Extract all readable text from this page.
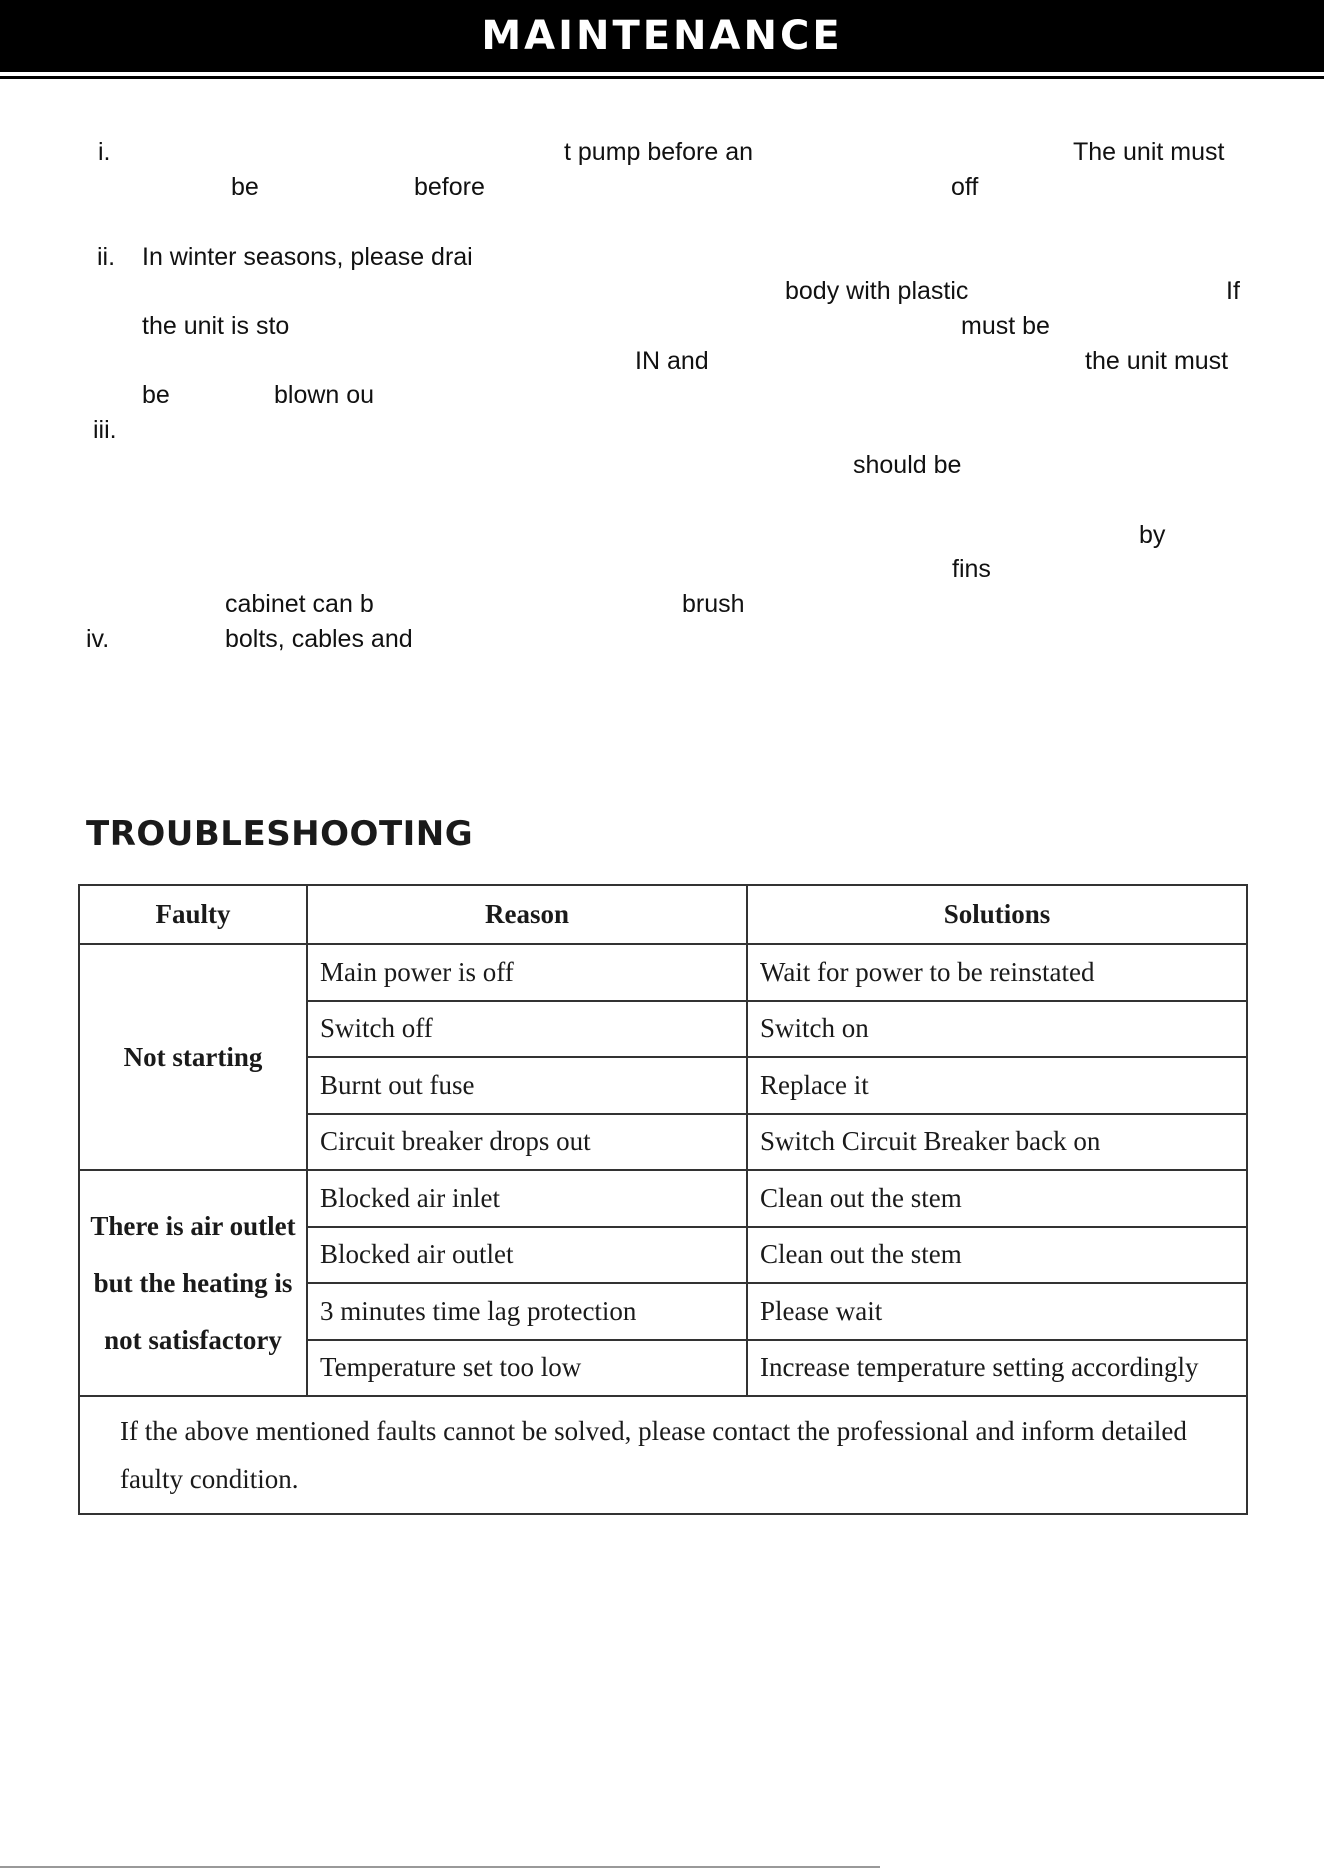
MAINTENANCE
i.	t pump before an	The unit must
be	before	off
ii. In winter seasons, please drai
body with plastic	If
the unit is sto	must be
IN and	the unit must
be	blown ou
iii.
should be
by
fins
cabinet can b	brush
iv.	bolts, cables and
TROUBLESHOOTING
Faulty	Reason	Solutions
Not starting	Main power is off	Wait for power to be reinstated
	Switch off	Switch on
	Burnt out fuse	Replace it
	Circuit breaker drops out	Switch Circuit Breaker back on
There is air outlet but the heating is not satisfactory	Blocked air inlet	Clean out the stem
	Blocked air outlet	Clean out the stem
	3 minutes time lag protection	Please wait
	Temperature set too low	Increase temperature setting accordingly
If the above mentioned faults cannot be solved, please contact the professional and inform detailed faulty condition.		
